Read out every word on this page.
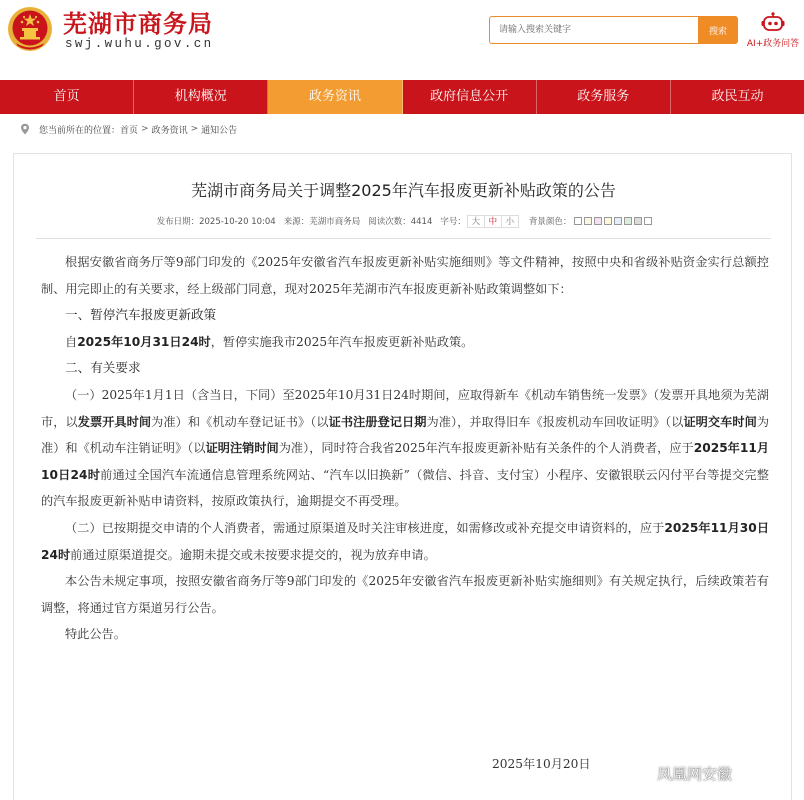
芜湖市商务局
swj.wuhu.gov.cn
请输入搜索关键字
搜索
AI+政务问答
首页	机构概况	政务资讯	政府信息公开	政务服务	政民互动
您当前所在的位置： 首页 > 政务资讯 > 通知公告
芜湖市商务局关于调整2025年汽车报废更新补贴政策的公告
发布日期：2025-10-20 10:04 来源：芜湖市商务局 阅读次数：4414 字号： 大 中 小	背景颜色：

根据安徽省商务厅等9部门印发的《2025年安徽省汽车报废更新补贴实施细则》等文件精神，按照中央和省级补贴资金实行总额控制、用完即止的有关要求，经上级部门同意，现对2025年芜湖市汽车报废更新补贴政策调整如下：

一、暂停汽车报废更新政策

自2025年10月31日24时，暂停实施我市2025年汽车报废更新补贴政策。

二、有关要求

（一）2025年1月1日（含当日，下同）至2025年10月31日24时期间，应取得新车《机动车销售统一发票》（发票开具地须为芜湖市，以发票开具时间为准）和《机动车登记证书》（以证书注册登记日期为准），并取得旧车《报废机动车回收证明》（以证明交车时间为准）和《机动车注销证明》（以证明注销时间为准），同时符合我省2025年汽车报废更新补贴有关条件的个人消费者，应于2025年11月10日24时前通过全国汽车流通信息管理系统网站、“汽车以旧换新”（微信、抖音、支付宝）小程序、安徽银联云闪付平台等提交完整的汽车报废更新补贴申请资料，按原政策执行，逾期提交不再受理。

（二）已按期提交申请的个人消费者，需通过原渠道及时关注审核进度，如需修改或补充提交申请资料的，应于2025年11月30日24时前通过原渠道提交。逾期未提交或未按要求提交的，视为放弃申请。

本公告未规定事项，按照安徽省商务厅等9部门印发的《2025年安徽省汽车报废更新补贴实施细则》有关规定执行，后续政策若有调整，将通过官方渠道另行公告。

特此公告。

2025年10月20日
凤凰网安徽
